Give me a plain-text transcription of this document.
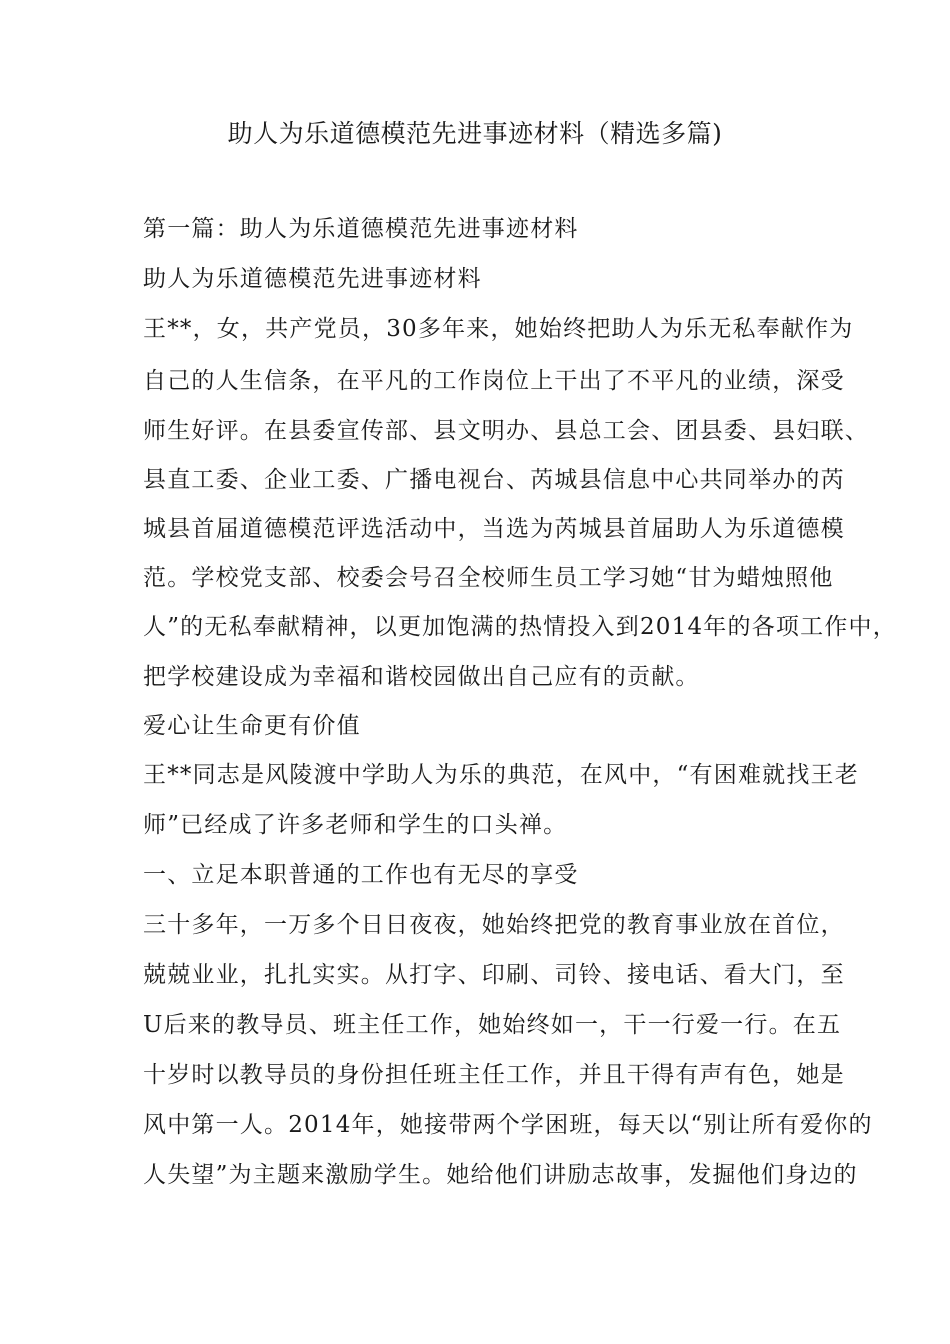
助人为乐道德模范先进事迹材料（精选多篇)
第一篇：助人为乐道德模范先进事迹材料
助人为乐道德模范先进事迹材料
王**，女，共产党员，30多年来，她始终把助人为乐无私奉献作为
自己的人生信条，在平凡的工作岗位上干出了不平凡的业绩，深受
师生好评。在县委宣传部、县文明办、县总工会、团县委、县妇联、
县直工委、企业工委、广播电视台、芮城县信息中心共同举办的芮
城县首届道德模范评选活动中，当选为芮城县首届助人为乐道德模
范。学校党支部、校委会号召全校师生员工学习她“甘为蜡烛照他
人”的无私奉献精神，以更加饱满的热情投入到2014年的各项工作中，
把学校建设成为幸福和谐校园做出自己应有的贡献。
爱心让生命更有价值
王**同志是风陵渡中学助人为乐的典范，在风中，“有困难就找王老
师”已经成了许多老师和学生的口头禅。
一、立足本职普通的工作也有无尽的享受
三十多年，一万多个日日夜夜，她始终把党的教育事业放在首位，
兢兢业业，扎扎实实。从打字、印刷、司铃、接电话、看大门，至
U后来的教导员、班主任工作，她始终如一，干一行爱一行。在五
十岁时以教导员的身份担任班主任工作，并且干得有声有色，她是
风中第一人。2014年，她接带两个学困班，每天以“别让所有爱你的
人失望”为主题来激励学生。她给他们讲励志故事，发掘他们身边的
